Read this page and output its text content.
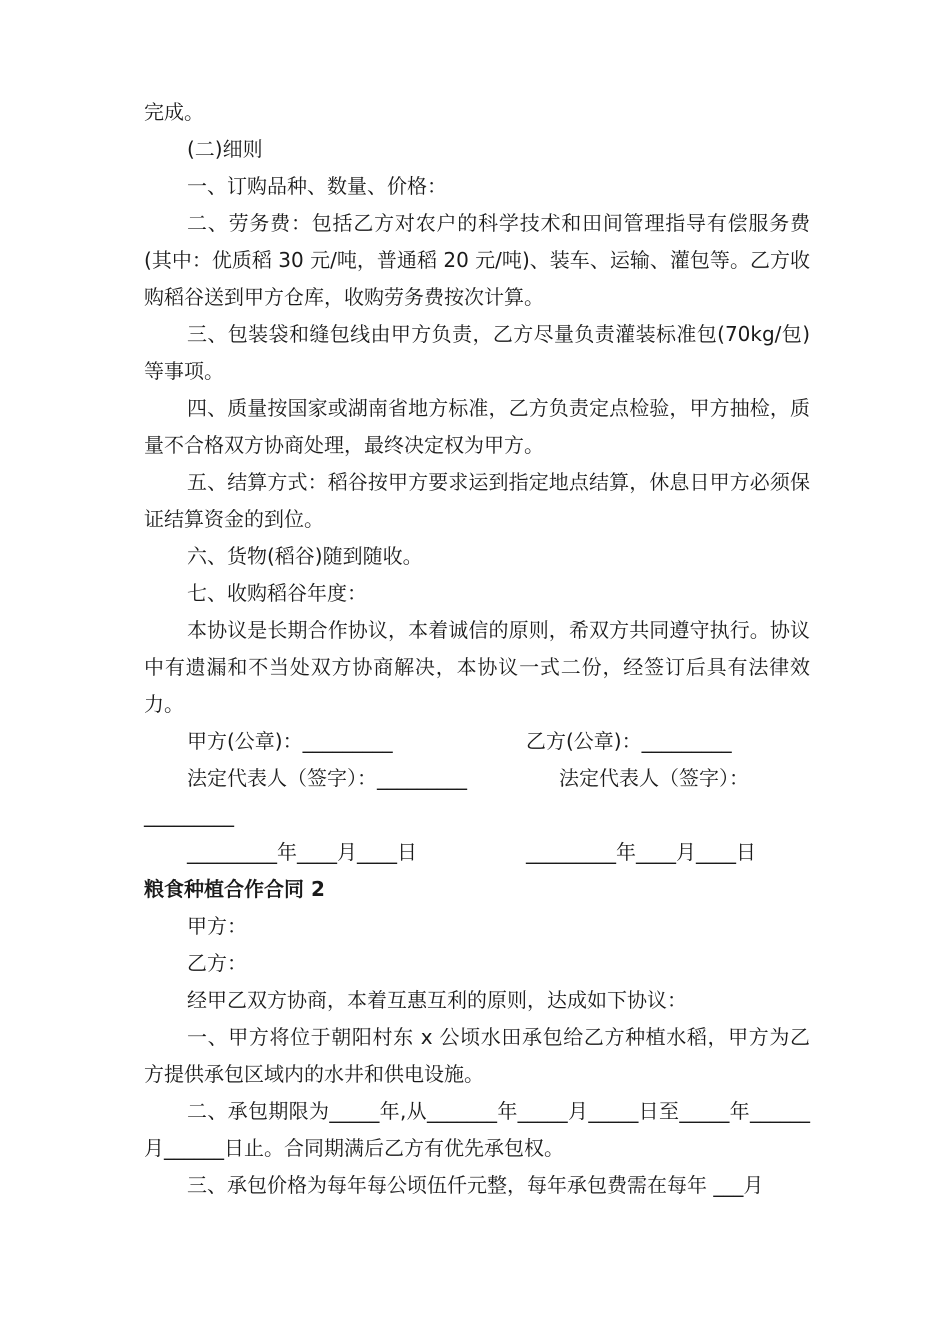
完成。

(二)细则

一、订购品种、数量、价格：

二、劳务费：包括乙方对农户的科学技术和田间管理指导有偿服务费(其中：优质稻 30 元/吨，普通稻 20 元/吨)、装车、运输、灌包等。乙方收购稻谷送到甲方仓库，收购劳务费按次计算。

三、包装袋和缝包线由甲方负责，乙方尽量负责灌装标准包(70kg/包)等事项。

四、质量按国家或湖南省地方标准，乙方负责定点检验，甲方抽检，质量不合格双方协商处理，最终决定权为甲方。

五、结算方式：稻谷按甲方要求运到指定地点结算，休息日甲方必须保证结算资金的到位。

六、货物(稻谷)随到随收。

七、收购稻谷年度：

本协议是长期合作协议，本着诚信的原则，希双方共同遵守执行。协议中有遗漏和不当处双方协商解决，本协议一式二份，经签订后具有法律效力。

甲方(公章)：_________	乙方(公章)：_________
法定代表人（签字）：_________	法定代表人（签字）：

_________

_________年____月____日	_________年____月____日

粮食种植合作合同 2

甲方：

乙方：

经甲乙双方协商，本着互惠互利的原则，达成如下协议：

一、甲方将位于朝阳村东 x 公顷水田承包给乙方种植水稻，甲方为乙方提供承包区域内的水井和供电设施。

二、承包期限为_____年,从_______年_____月_____日至_____年______月______日止。合同期满后乙方有优先承包权。

三、承包价格为每年每公顷伍仟元整，每年承包费需在每年 ___月
